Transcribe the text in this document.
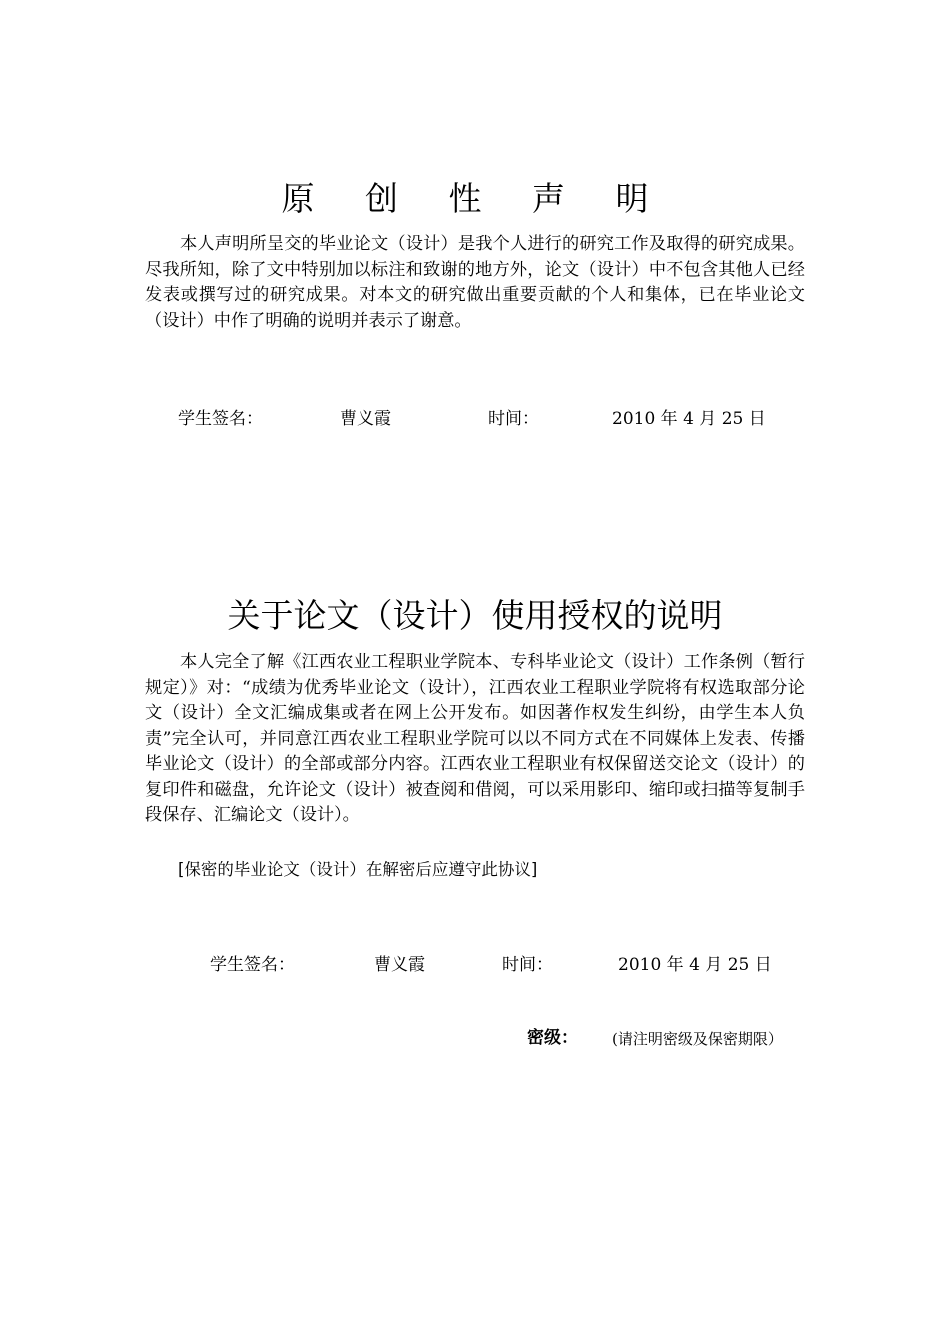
原 创 性 声 明

本人声明所呈交的毕业论文（设计）是我个人进行的研究工作及取得的研究成果。尽我所知，除了文中特别加以标注和致谢的地方外，论文（设计）中不包含其他人已经发表或撰写过的研究成果。对本文的研究做出重要贡献的个人和集体，已在毕业论文（设计）中作了明确的说明并表示了谢意。

学生签名：	曹义霞	时间：	2010 年 4 月 25 日
关于论文（设计）使用授权的说明

本人完全了解《江西农业工程职业学院本、专科毕业论文（设计）工作条例（暂行规定）》对：“成绩为优秀毕业论文（设计），江西农业工程职业学院将有权选取部分论文（设计）全文汇编成集或者在网上公开发布。如因著作权发生纠纷，由学生本人负责”完全认可，并同意江西农业工程职业学院可以以不同方式在不同媒体上发表、传播毕业论文（设计）的全部或部分内容。江西农业工程职业有权保留送交论文（设计）的复印件和磁盘，允许论文（设计）被查阅和借阅，可以采用影印、缩印或扫描等复制手段保存、汇编论文（设计）。

[保密的毕业论文（设计）在解密后应遵守此协议]
学生签名：	曹义霞	时间：	2010 年 4 月 25 日
密级： (请注明密级及保密期限）
